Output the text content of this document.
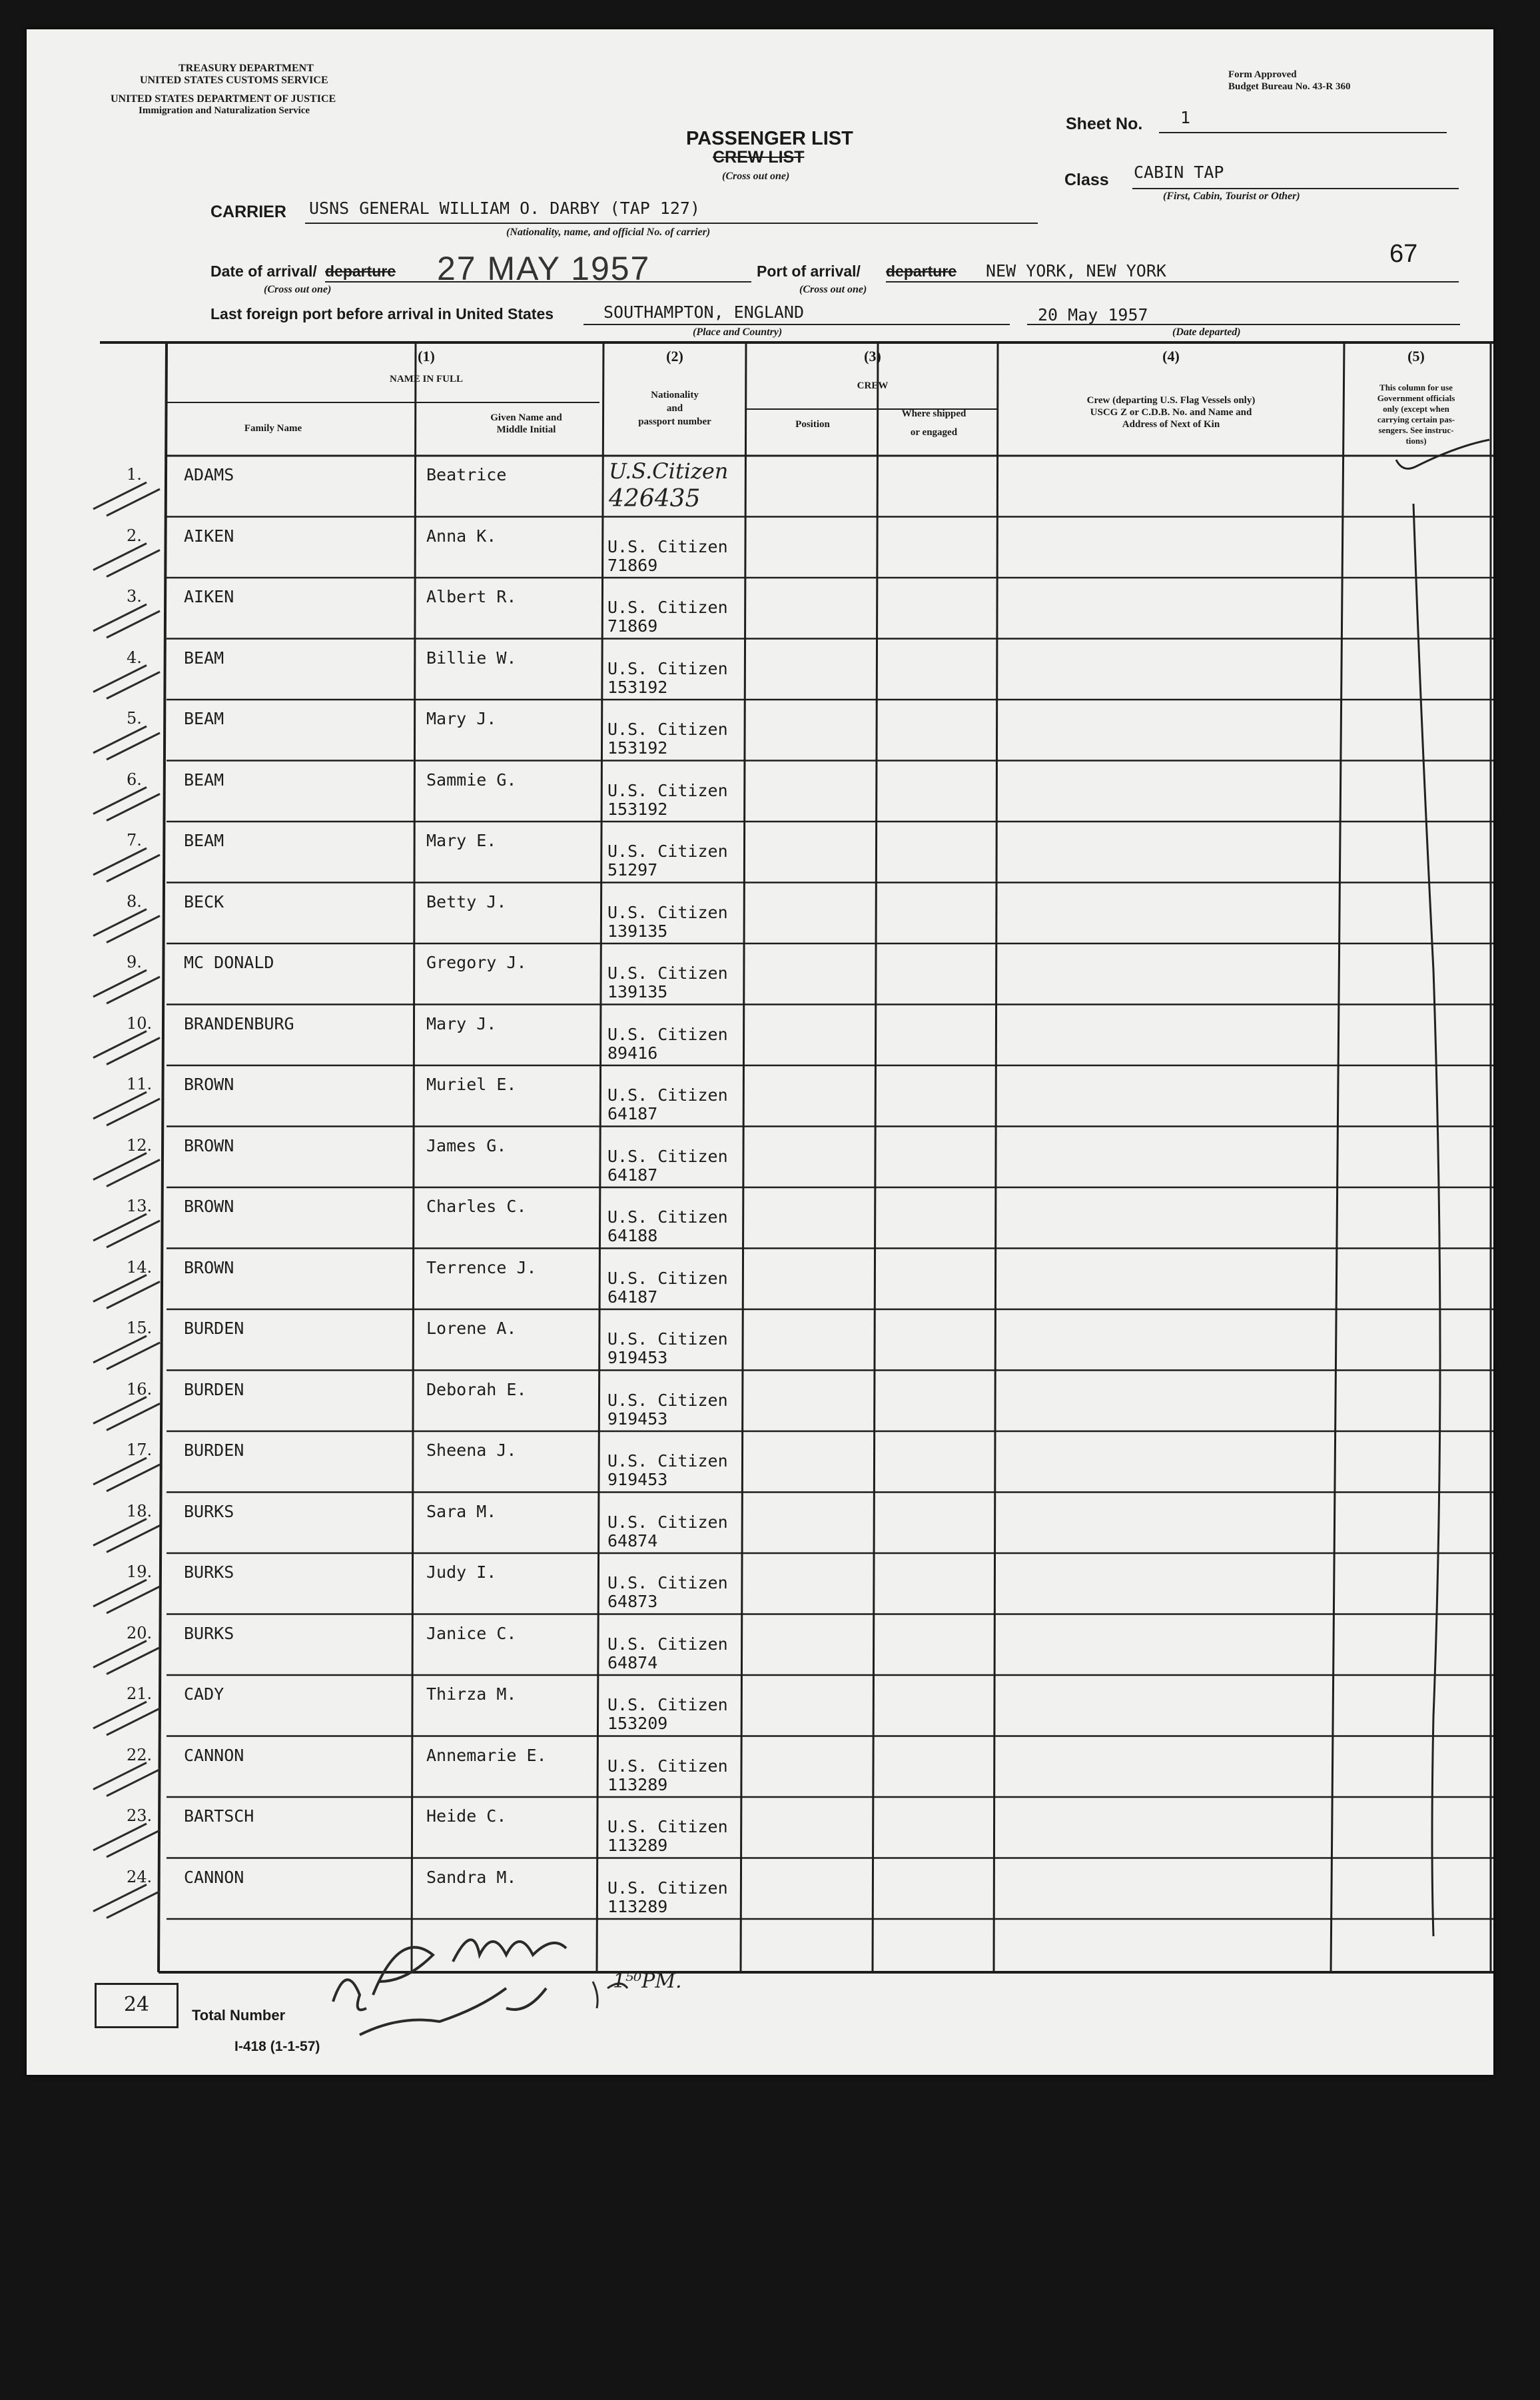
TREASURY DEPARTMENT
UNITED STATES CUSTOMS SERVICE
UNITED STATES DEPARTMENT OF JUSTICE
Immigration and Naturalization Service
Form Approved
Budget Bureau No. 43-R 360
PASSENGER LIST
CREW LIST
(Cross out one)
Sheet No. 1
Class CABIN TAP
(First, Cabin, Tourist or Other)
CARRIER USNS GENERAL WILLIAM O. DARBY (TAP 127)
(Nationality, name, and official No. of carrier)
67
Date of arrival/ departure 27 MAY 1957
(Cross out one)
Port of arrival/ departure NEW YORK, NEW YORK
(Cross out one)
Last foreign port before arrival in United States	SOUTHAMPTON, ENGLAND
(Place and Country)
20 May 1957
(Date departed)
(1)
NAME IN FULL
Family Name
Given Name and
Middle Initial
(2)
Nationality
and
passport number
(3)
CREW
Position
Where shipped
or engaged
(4)
Crew (departing U.S. Flag Vessels only)
USCG Z or C.D.B. No. and Name and
Address of Next of Kin
(5)
This column for use
Government officials
only (except when
carrying certain pas-
sengers. See instruc-
tions)
1.	ADAMS	Beatrice	U.S.Citizen
426435
2.	AIKEN	Anna K.
U.S. Citizen
71869
3.	AIKEN	Albert R.
U.S. Citizen
71869
4.	BEAM	Billie W.
U.S. Citizen
153192
5.	BEAM	Mary J.
U.S. Citizen
153192
6.	BEAM	Sammie G.
U.S. Citizen
153192
7.	BEAM	Mary E.
U.S. Citizen
51297
8.	BECK	Betty J.
U.S. Citizen
139135
9.	MC DONALD	Gregory J.
U.S. Citizen
139135
10. BRANDENBURG	Mary J.
U.S. Citizen
89416
11. BROWN	Muriel E.
U.S. Citizen
64187
12. BROWN	James G.
U.S. Citizen
64187
13. BROWN	Charles C.
U.S. Citizen
64188
14. BROWN	Terrence J.
U.S. Citizen
64187
15. BURDEN	Lorene A.
U.S. Citizen
919453
16. BURDEN	Deborah E.
U.S. Citizen
919453
17. BURDEN	Sheena J.
U.S. Citizen
919453
18. BURKS	Sara M.
U.S. Citizen
64874
19. BURKS	Judy I.
U.S. Citizen
64873
20. BURKS	Janice C.
U.S. Citizen
64874
21. CADY	Thirza M.
U.S. Citizen
153209
22. CANNON	Annemarie E.
U.S. Citizen
113289
23. BARTSCH	Heide C.
U.S. Citizen
113289
24. CANNON	Sandra M.
U.S. Citizen
113289
1⁵⁰PM.
24	Total Number
I-418 (1-1-57)
